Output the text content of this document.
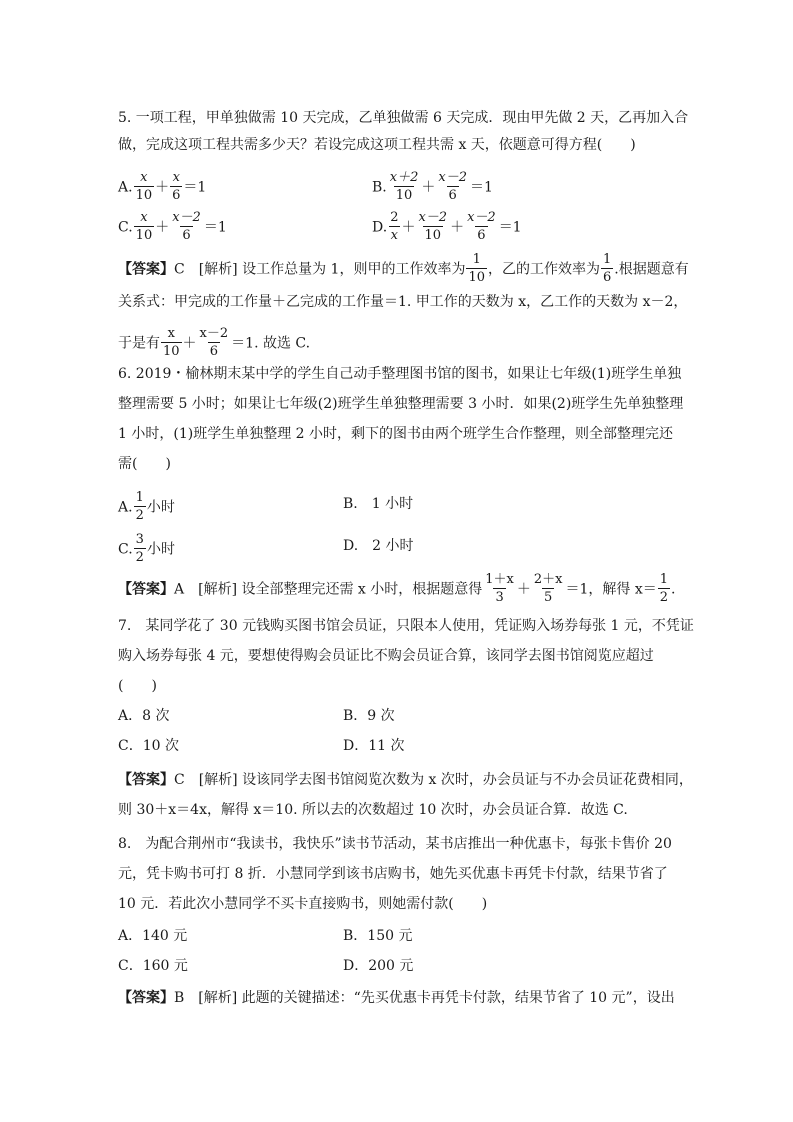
5. 一项工程，甲单独做需 10 天完成，乙单独做需 6 天完成．现由甲先做 2 天，乙再加入合
做，完成这项工程共需多少天？若设完成这项工程共需 x 天，依题意可得方程(　　)
A. $\frac{x}{10} + \frac{x}{6} =1$	B. $\frac{x+2}{10} + \frac{x-2}{6} =1$
C. $\frac{x}{10} + \frac{x-2}{6} =1$	D. $\frac{2}{x} + \frac{x-2}{10} + \frac{x-2}{6} =1$
【答案】C　[解析] 设工作总量为 1，则甲的工作效率为 $\frac{1}{10}$ ，乙的工作效率为 $\frac{1}{6}$ .根据题意有
关系式：甲完成的工作量＋乙完成的工作量＝1. 甲工作的天数为 x，乙工作的天数为 x－2，
于是有 $\frac{x}{10} + \frac{x-2}{6} =1$. 故选 C.
6. 2019・榆林期末某中学的学生自己动手整理图书馆的图书，如果让七年级(1)班学生单独
整理需要 5 小时；如果让七年级(2)班学生单独整理需要 3 小时．如果(2)班学生先单独整理
1 小时，(1)班学生单独整理 2 小时，剩下的图书由两个班学生合作整理，则全部整理完还
需(　　)
A. $\frac{1}{2}$ 小时	B.　1 小时
C. $\frac{3}{2}$ 小时	D.　2 小时
【答案】A　[解析] 设全部整理完还需 x 小时，根据题意得 $\frac{1+x}{3} + \frac{2+x}{5} =1$，解得 $x= \frac{1}{2}$ .
7.　某同学花了 30 元钱购买图书馆会员证，只限本人使用，凭证购入场券每张 1 元，不凭证
购入场券每张 4 元，要想使得购会员证比不购会员证合算，该同学去图书馆阅览应超过
(　　)
A．8 次	B．9 次
C．10 次	D．11 次
【答案】C　[解析] 设该同学去图书馆阅览次数为 x 次时，办会员证与不办会员证花费相同，
则 30＋x＝4x，解得 x＝10. 所以去的次数超过 10 次时，办会员证合算．故选 C.
8.　为配合荆州市“我读书，我快乐”读书节活动，某书店推出一种优惠卡，每张卡售价 20
元，凭卡购书可打 8 折．小慧同学到该书店购书，她先买优惠卡再凭卡付款，结果节省了
10 元．若此次小慧同学不买卡直接购书，则她需付款(　　)
A．140 元	B．150 元
C．160 元	D．200 元
【答案】B　[解析] 此题的关键描述：“先买优惠卡再凭卡付款，结果节省了 10 元”，设出
